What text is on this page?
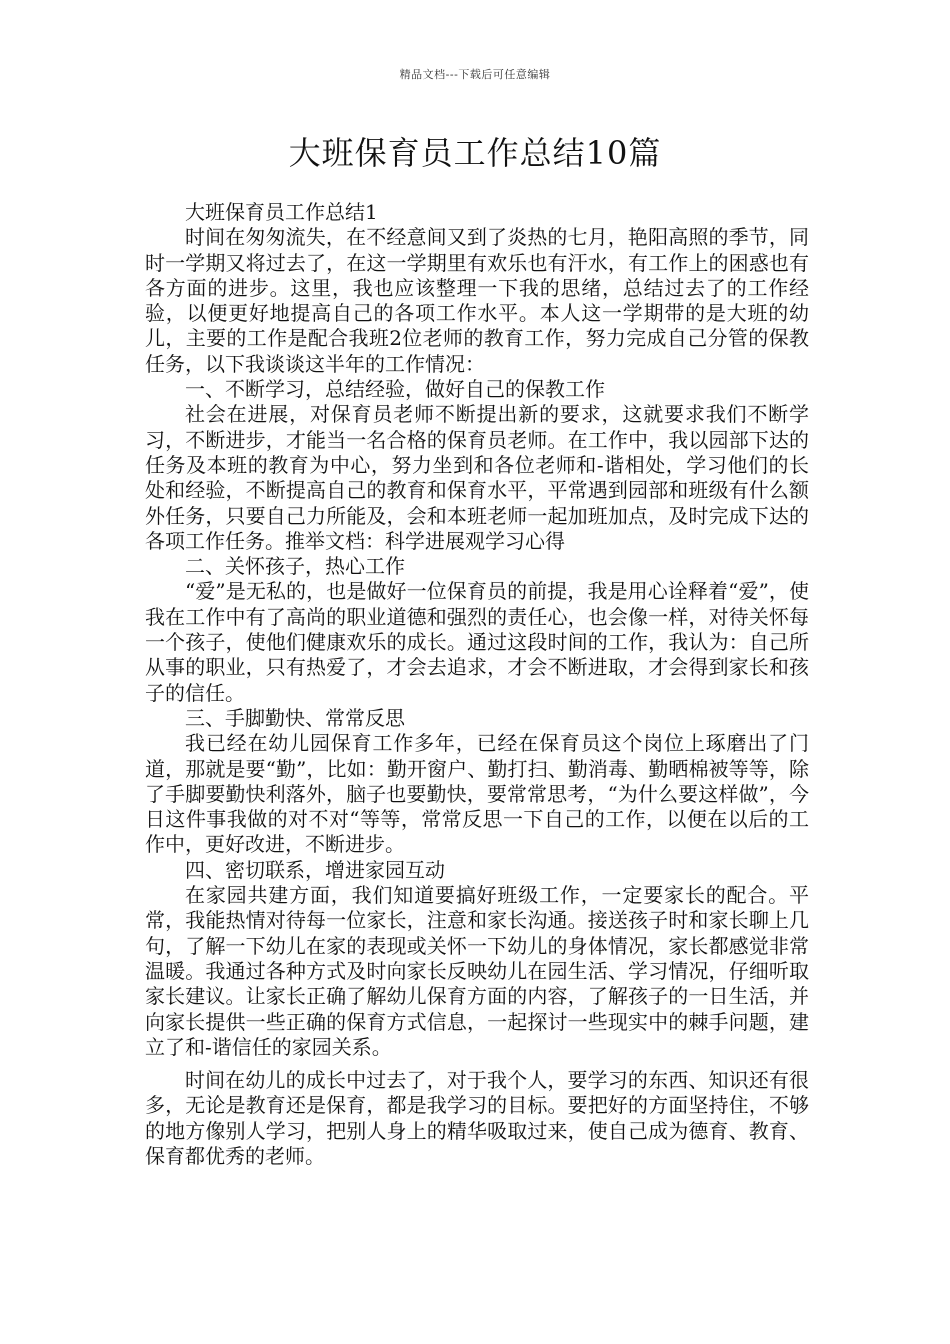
精品文档---下载后可任意编辑
大班保育员工作总结10篇

大班保育员工作总结1

时间在匆匆流失，在不经意间又到了炎热的七月，艳阳高照的季节，同时一学期又将过去了，在这一学期里有欢乐也有汗水，有工作上的困惑也有各方面的进步。这里，我也应该整理一下我的思绪，总结过去了的工作经验，以便更好地提高自己的各项工作水平。本人这一学期带的是大班的幼儿，主要的工作是配合我班2位老师的教育工作，努力完成自己分管的保教任务，以下我谈谈这半年的工作情况：

一、不断学习，总结经验，做好自己的保教工作

社会在进展，对保育员老师不断提出新的要求，这就要求我们不断学习，不断进步，才能当一名合格的保育员老师。在工作中，我以园部下达的任务及本班的教育为中心，努力坐到和各位老师和-谐相处，学习他们的长处和经验，不断提高自己的教育和保育水平，平常遇到园部和班级有什么额外任务，只要自己力所能及，会和本班老师一起加班加点，及时完成下达的各项工作任务。推举文档：科学进展观学习心得

二、关怀孩子，热心工作

“爱”是无私的，也是做好一位保育员的前提，我是用心诠释着“爱”，使我在工作中有了高尚的职业道德和强烈的责任心，也会像一样，对待关怀每一个孩子，使他们健康欢乐的成长。通过这段时间的工作，我认为：自己所从事的职业，只有热爱了，才会去追求，才会不断进取，才会得到家长和孩子的信任。

三、手脚勤快、常常反思

我已经在幼儿园保育工作多年，已经在保育员这个岗位上琢磨出了门道，那就是要“勤”，比如：勤开窗户、勤打扫、勤消毒、勤晒棉被等等，除了手脚要勤快利落外，脑子也要勤快，要常常思考，“为什么要这样做”，今日这件事我做的对不对“等等，常常反思一下自己的工作，以便在以后的工作中，更好改进，不断进步。

四、密切联系，增进家园互动

在家园共建方面，我们知道要搞好班级工作，一定要家长的配合。平常，我能热情对待每一位家长，注意和家长沟通。接送孩子时和家长聊上几句，了解一下幼儿在家的表现或关怀一下幼儿的身体情况，家长都感觉非常温暖。我通过各种方式及时向家长反映幼儿在园生活、学习情况，仔细听取家长建议。让家长正确了解幼儿保育方面的内容，了解孩子的一日生活，并向家长提供一些正确的保育方式信息，一起探讨一些现实中的棘手问题，建立了和-谐信任的家园关系。

时间在幼儿的成长中过去了，对于我个人，要学习的东西、知识还有很多，无论是教育还是保育，都是我学习的目标。要把好的方面坚持住，不够的地方像别人学习，把别人身上的精华吸取过来，使自己成为德育、教育、保育都优秀的老师。
